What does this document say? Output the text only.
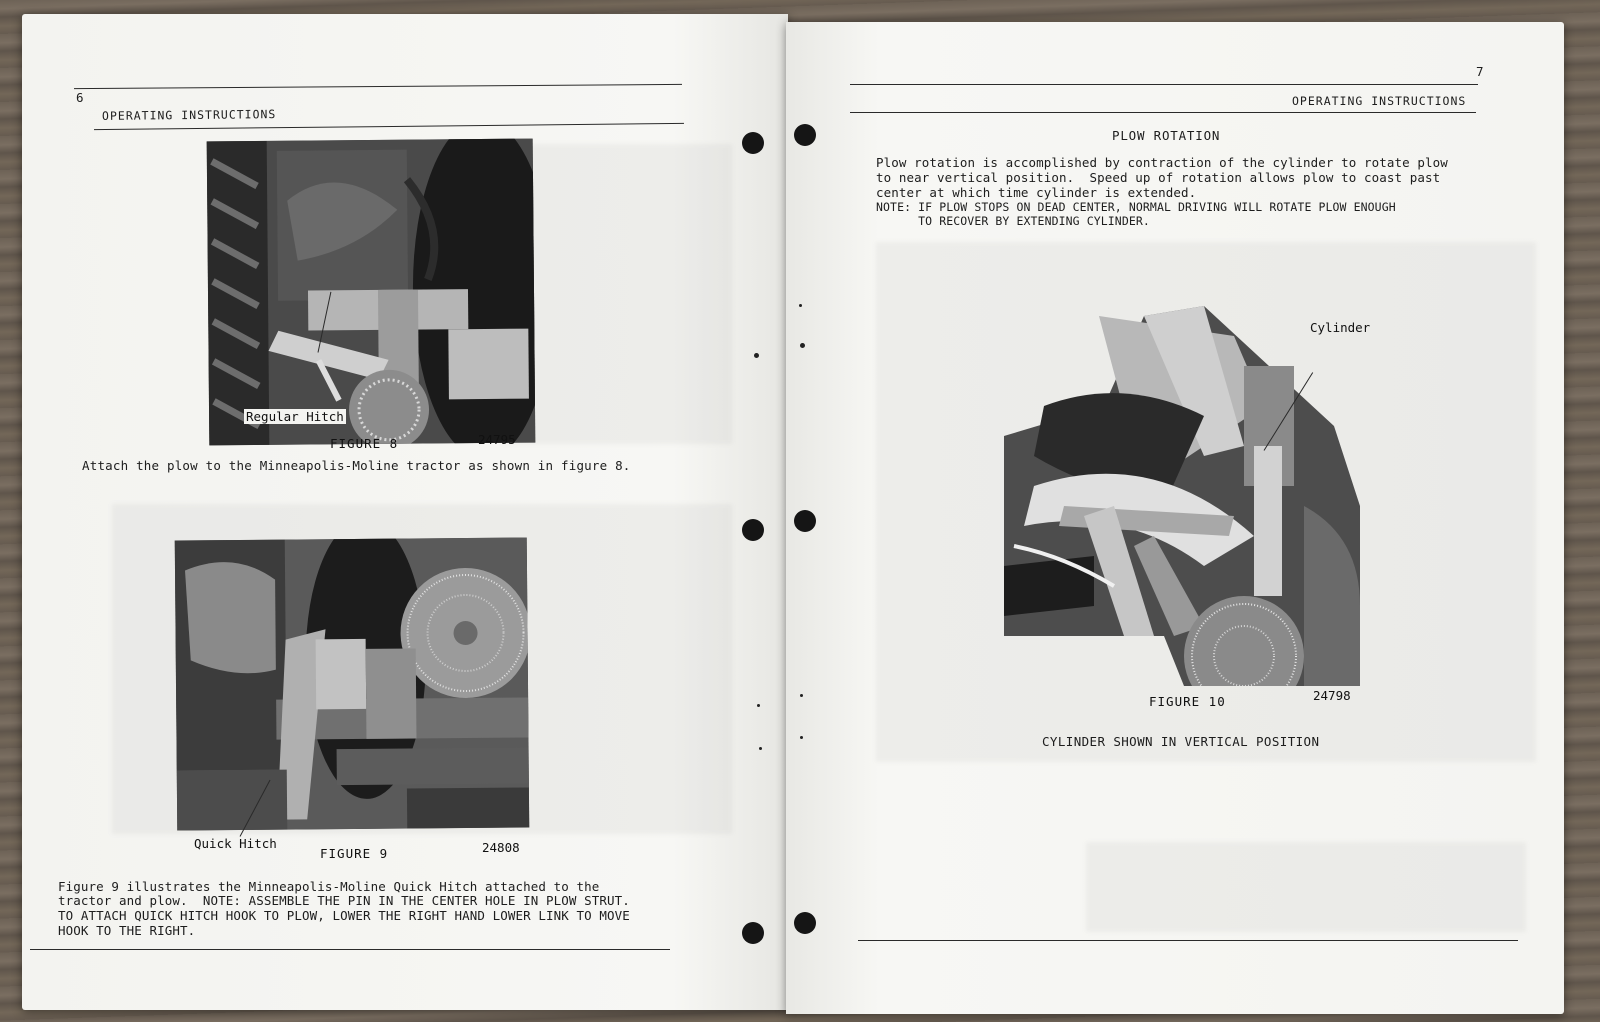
6
OPERATING INSTRUCTIONS
Regular Hitch
FIGURE 8	24795
Attach the plow to the Minneapolis-Moline tractor as shown in figure 8.
Quick Hitch
FIGURE 9	24808
Figure 9 illustrates the Minneapolis-Moline Quick Hitch attached to the
tractor and plow.  NOTE: ASSEMBLE THE PIN IN THE CENTER HOLE IN PLOW STRUT.
TO ATTACH QUICK HITCH HOOK TO PLOW, LOWER THE RIGHT HAND LOWER LINK TO MOVE
HOOK TO THE RIGHT.
7
OPERATING INSTRUCTIONS
PLOW ROTATION
Plow rotation is accomplished by contraction of the cylinder to rotate plow
to near vertical position.  Speed up of rotation allows plow to coast past
center at which time cylinder is extended.
NOTE: IF PLOW STOPS ON DEAD CENTER, NORMAL DRIVING WILL ROTATE PLOW ENOUGH
TO RECOVER BY EXTENDING CYLINDER.
Cylinder
FIGURE 10	24798
CYLINDER SHOWN IN VERTICAL POSITION
